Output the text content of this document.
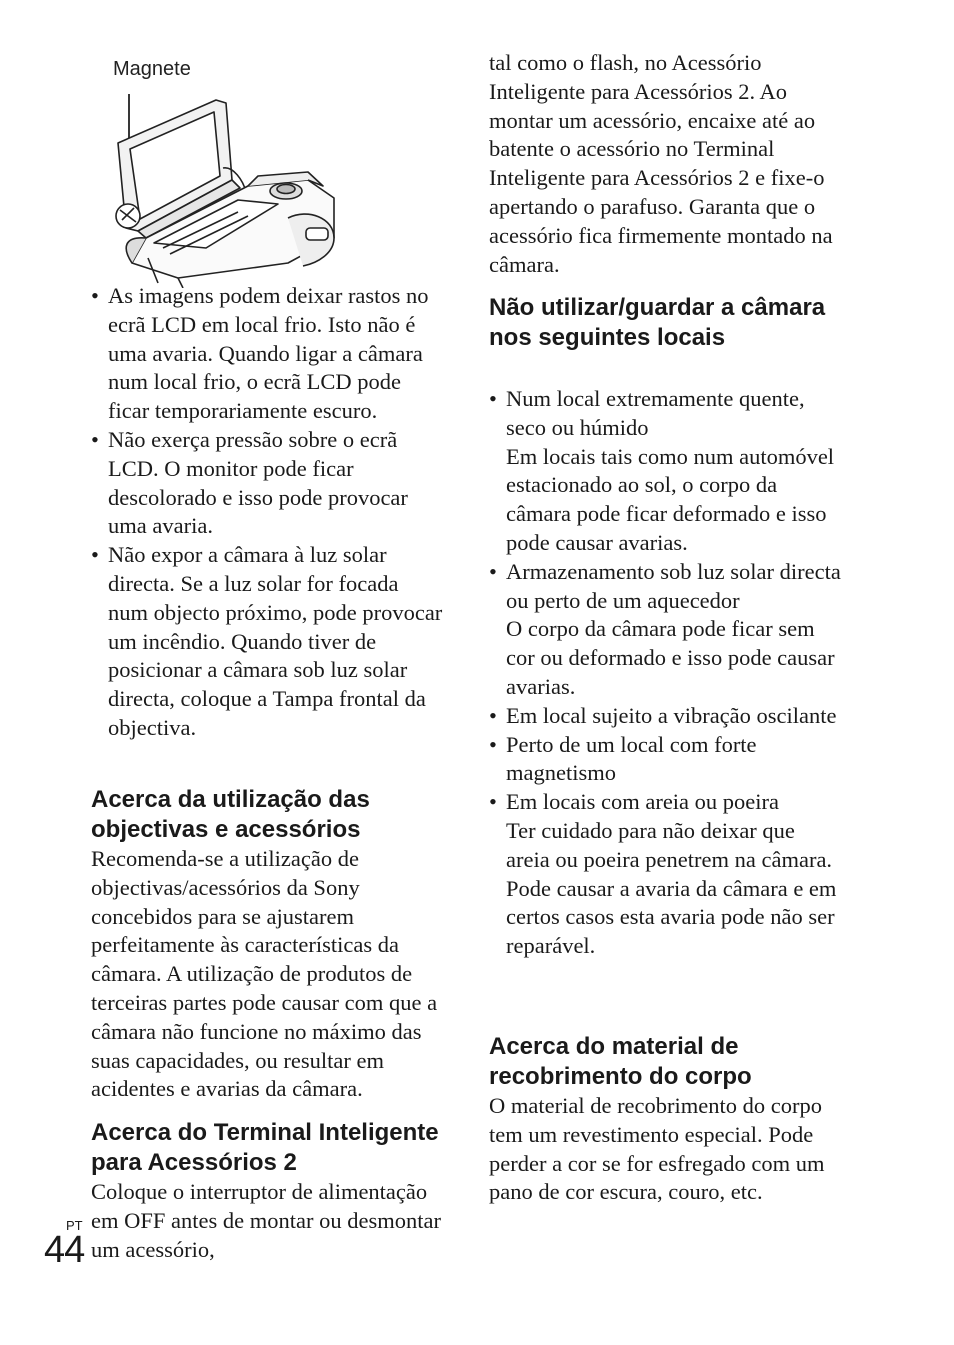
Magnete
• As imagens podem deixar rastos no ecrã LCD em local frio. Isto não é uma avaria. Quando ligar a câmara num local frio, o ecrã LCD pode ficar temporariamente escuro.
• Não exerça pressão sobre o ecrã LCD. O monitor pode ficar descolorado e isso pode provocar uma avaria.
• Não expor a câmara à luz solar directa. Se a luz solar for focada num objecto próximo, pode provocar um incêndio. Quando tiver de posicionar a câmara sob luz solar directa, coloque a Tampa frontal da objectiva.
Acerca da utilização das objectivas e acessórios

Recomenda-se a utilização de objectivas/acessórios da Sony concebidos para se ajustarem perfeitamente às características da câmara. A utilização de produtos de terceiras partes pode causar com que a câmara não funcione no máximo das suas capacidades, ou resultar em acidentes e avarias da câmara.

Acerca do Terminal Inteligente para Acessórios 2

Coloque o interruptor de alimentação em OFF antes de montar ou desmontar um acessório,

tal como o flash, no Acessório Inteligente para Acessórios 2. Ao montar um acessório, encaixe até ao batente o acessório no Terminal Inteligente para Acessórios 2 e fixe-o apertando o parafuso. Garanta que o acessório fica firmemente montado na câmara.

Não utilizar/guardar a câmara nos seguintes locais
• Num local extremamente quente, seco ou húmido
Em locais tais como num automóvel estacionado ao sol, o corpo da câmara pode ficar deformado e isso pode causar avarias.
• Armazenamento sob luz solar directa ou perto de um aquecedor
O corpo da câmara pode ficar sem cor ou deformado e isso pode causar avarias.
• Em local sujeito a vibração oscilante
• Perto de um local com forte magnetismo
• Em locais com areia ou poeira
Ter cuidado para não deixar que areia ou poeira penetrem na câmara. Pode causar a avaria da câmara e em certos casos esta avaria pode não ser reparável.
Acerca do material de recobrimento do corpo

O material de recobrimento do corpo tem um revestimento especial. Pode perder a cor se for esfregado com um pano de cor escura, couro, etc.

PT
44
